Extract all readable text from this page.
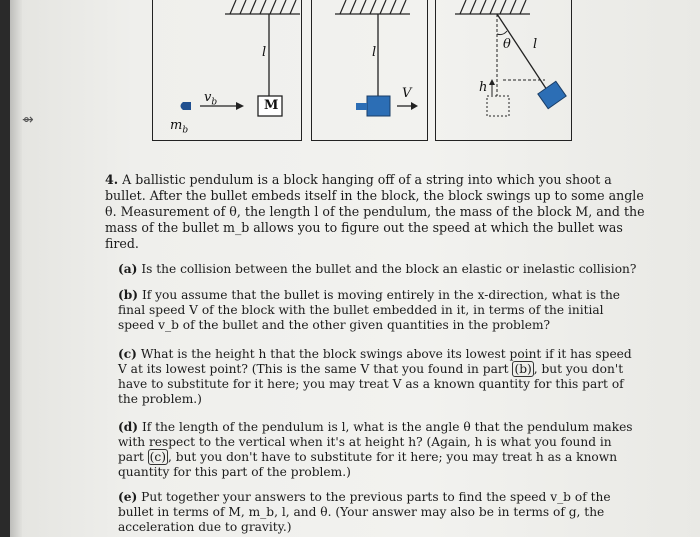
⇴
l
M
$v_b$
$m_b$
l
V
θ l
h
4. A ballistic pendulum is a block hanging off of a string into which you shoot a bullet. After the bullet embeds itself in the block, the block swings up to some angle θ. Measurement of θ, the length l of the pendulum, the mass of the block M, and the mass of the bullet m_b allows you to figure out the speed at which the bullet was fired.
(a) Is the collision between the bullet and the block an elastic or inelastic collision?
(b) If you assume that the bullet is moving entirely in the x-direction, what is the final speed V of the block with the bullet embedded in it, in terms of the initial speed v_b of the bullet and the other given quantities in the problem?
(c) What is the height h that the block swings above its lowest point if it has speed V at its lowest point? (This is the same V that you found in part (b) , but you don't have to substitute for it here; you may treat V as a known quantity for this part of the problem.)
(d) If the length of the pendulum is l, what is the angle θ that the pendulum makes with respect to the vertical when it's at height h? (Again, h is what you found in part (c) , but you don't have to substitute for it here; you may treat h as a known quantity for this part of the problem.)
(e) Put together your answers to the previous parts to find the speed v_b of the bullet in terms of M, m_b, l, and θ. (Your answer may also be in terms of g, the acceleration due to gravity.)
